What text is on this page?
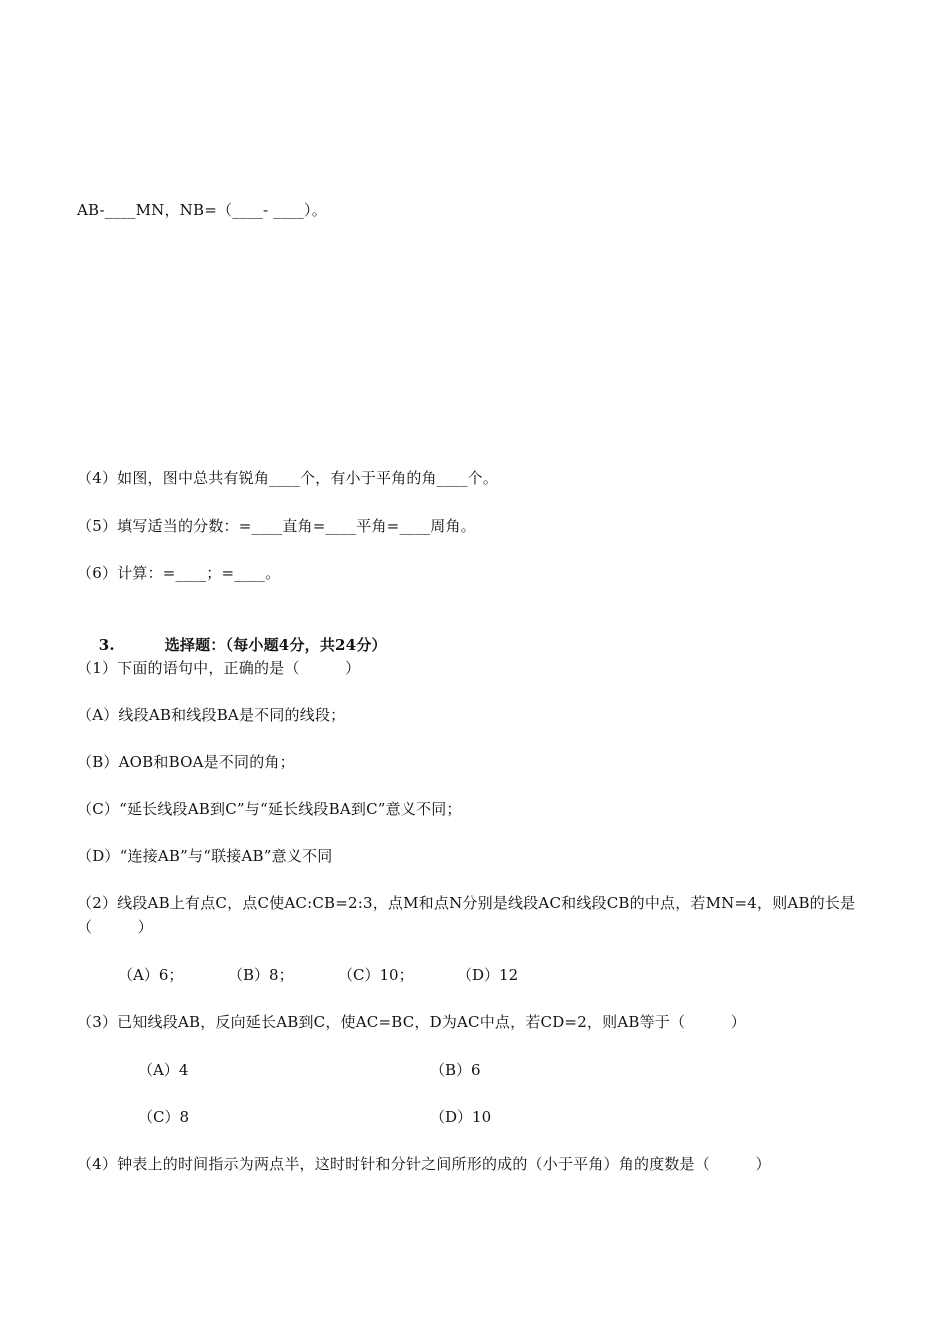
AB-____MN，NB=（____- ____）。
（4）如图，图中总共有锐角____个，有小于平角的角____个。
（5）填写适当的分数：=____直角=____平角=____周角。
（6）计算：=____；=____。

3.	选择题：（每小题4分，共24分）

（1）下面的语句中，正确的是（　　　）
（A）线段AB和线段BA是不同的线段；
（B）AOB和BOA是不同的角；
（C）“延长线段AB到C”与“延长线段BA到C”意义不同；
（D）“连接AB”与“联接AB”意义不同
（2）线段AB上有点C，点C使AC:CB=2:3，点M和点N分别是线段AC和线段CB的中点，若MN=4，则AB的长是（　　　）
（A）6；	（B）8；	（C）10；	（D）12
（3）已知线段AB，反向延长AB到C，使AC=BC，D为AC中点，若CD=2，则AB等于（　　　）
（A）4	（B）6
（C）8	（D）10
（4）钟表上的时间指示为两点半，这时时针和分针之间所形的成的（小于平角）角的度数是（　　　）
